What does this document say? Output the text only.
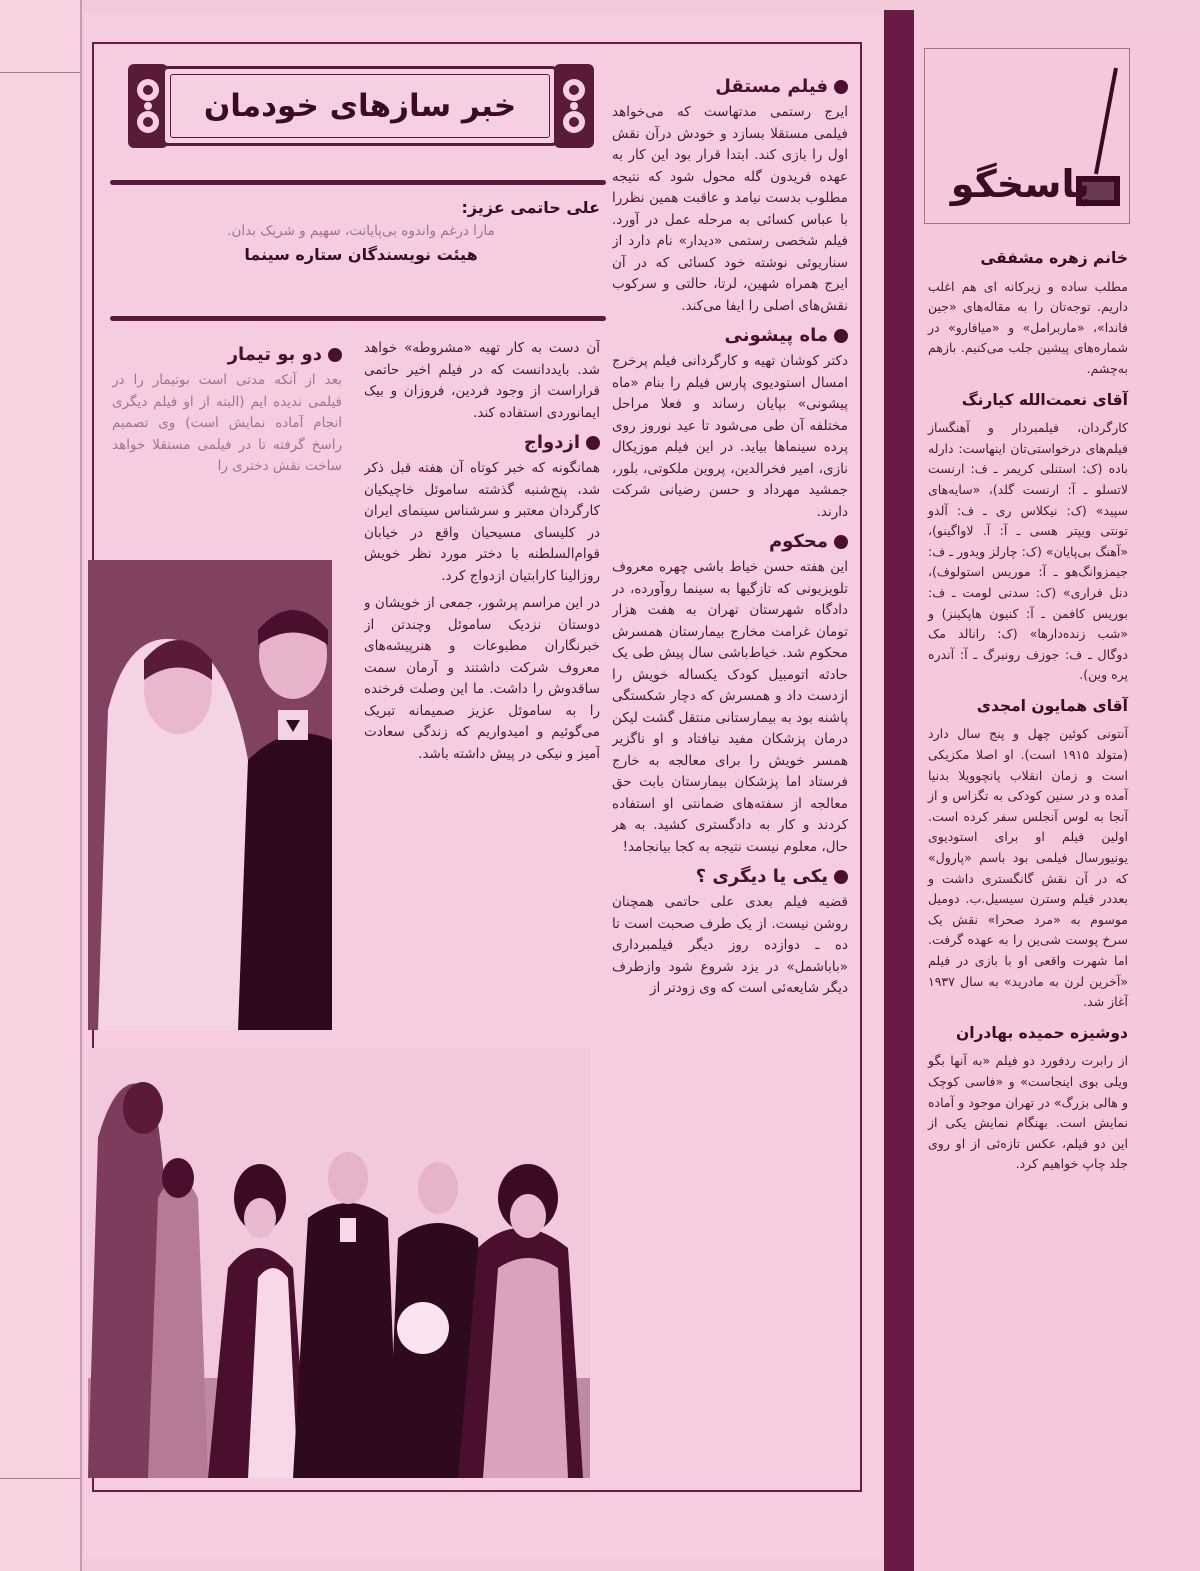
خبر سازهای خودمان
علی حاتمی عزیز:
مارا درغم واندوه بی‌پایانت، سهیم و شریک بدان.
هیئت نویسندگان ستاره سینما
فیلم مستقل

ایرج رستمی مدتهاست که می‌خواهد فیلمی مستقلا بسازد و خودش درآن نقش اول را بازی کند. ابتدا قرار بود این کار به عهده فریدون گله محول شود که نتیجه مطلوب بدست نیامد و عاقبت همین نظررا با عباس کسائی به مرحله عمل در آورد. فیلم شخصی رستمی «دیدار» نام دارد از سناریوئی نوشته خود کسائی که در آن ایرج همراه شهین، لرتا، حالتی و سرکوب نقش‌های اصلی را ایفا می‌کند.

ماه پیشونی

دکتر کوشان تهیه و کارگردانی فیلم پرخرج امسال استودیوی پارس فیلم را بنام «ماه پیشونی» بپایان رساند و فعلا مراحل مختلفه آن طی می‌شود تا عید نوروز روی پرده سینماها بیاید. در این فیلم موزیکال نازی، امیر فخرالدین، پروین ملکوتی، بلور، جمشید مهرداد و حسن رضیانی شرکت دارند.

محکوم

این هفته حسن خیاط باشی چهره معروف تلویزیونی که تازگیها به سینما روآورده، در دادگاه شهرستان تهران به هفت هزار تومان غرامت مخارج بیمارستان همسرش محکوم شد. خیاط‌باشی سال پیش طی یک حادثه اتومبیل کودک یکساله خویش را ازدست داد و همسرش که دچار شکستگی پاشنه بود به بیمارستانی منتقل گشت لیکن درمان پزشکان مفید نیافتاد و او ناگزیر همسر خویش را برای معالجه به خارج فرستاد اما پزشکان بیمارستان بابت حق معالجه از سفته‌های ضمانتی او استفاده کردند و کار به دادگستری کشید. به هر حال، معلوم نیست نتیجه به کجا بیانجامد!

یکی یا دیگری ؟

قضیه فیلم بعدی علی حاتمی همچنان روشن نیست. از یک طرف صحبت است تا ده ـ دوازده روز دیگر فیلمبرداری «باباشمل» در یزد شروع شود وازطرف دیگر شایعه‌ئی است که وی زودتر از

آن دست به کار تهیه «مشروطه» خواهد شد. بایددانست که در فیلم اخیر حاتمی قراراست از وجود فردین، فروزان و بیک ایمانوردی استفاده کند.

ازدواج

همانگونه که خبر کوتاه آن هفته قبل ذکر شد، پنج‌شنبه گذشته ساموئل خاچیکیان کارگردان معتبر و سرشناس سینمای ایران در کلیسای مسیحیان واقع در خیابان قوام‌السلطنه با دختر مورد نظر خویش روزالینا کارابتیان ازدواج کرد.

در این مراسم پرشور، جمعی از خویشان و دوستان نزدیک ساموئل وچندتن از خبرنگاران مطبوعات و هنرپیشه‌های معروف شرکت داشتند و آرمان سمت ساقدوش را داشت. ما این وصلت فرخنده را به ساموئل عزیز صمیمانه تبریک می‌گوئیم و امیدواریم که زندگی سعادت آمیز و نیکی در پیش داشته باشد.

دو بو تیمار

بعد از آنکه مدتی است بوتیمار را در فیلمی ندیده ایم (البته از او فیلم دیگری انجام آماده نمایش است) وی تصمیم راسخ گرفته تا در فیلمی مستقلا خواهد ساخت نقش دختری را

پاسخگو
خانم زهره مشفقی
مطلب ساده و زیرکانه ای هم اغلب داریم. توجه‌تان را به مقاله‌های «جین فاندا»، «ماربرامل» و «میافارو» در شماره‌های پیشین جلب می‌کنیم. بازهم به‌چشم.
آقای نعمت‌الله کیارنگ
کارگردان، فیلمبردار و آهنگساز فیلم‌های درخواستی‌تان اینهاست: دارله باده (ک: استنلی کریمر ـ ف: ارنست لاتسلو ـ آ: ارنست گلد)، «سایه‌های سپید» (ک: نیکلاس ری ـ ف: آلدو تونتی ویپتر هسی ـ آ: آ. لاواگینو)، «آهنگ بی‌پایان» (ک: چارلز ویدور ـ ف: جیمزوانگ‌هو ـ آ: موریس استولوف)، دنل فراری» (ک: سدنی لومت ـ ف: بوریس کافمن ـ آ: کنیون هاپکینز) و «شب زنده‌دارها» (ک: رانالد مک دوگال ـ ف: جوزف رونبرگ ـ آ: آندره پره وین).
آقای همایون امجدی
آنتونی کوئین چهل و پنج سال دارد (متولد ۱۹۱۵ است). او اصلا مکزیکی است و زمان انقلاب پانچوویلا بدنیا آمده و در سنین کودکی به تگزاس و از آنجا به لوس آنجلس سفر کرده است. اولین فیلم او برای استودیوی یونیورسال فیلمی بود باسم «پارول» که در آن نقش گانگستری داشت و بعددر فیلم وسترن سیسیل.ب. دومیل موسوم به «مرد صحرا» نقش یک سرخ پوست شی‌ین را به عهده گرفت. اما شهرت واقعی او با بازی در فیلم «آخرین لرن به مادرید» به سال ۱۹۳۷ آغاز شد.
دوشیزه حمیده بهادران
از رابرت ردفورد دو فیلم «به آنها بگو ویلی بوی اینجاست» و «فاسی کوچک و هالی بزرگ» در تهران موجود و آماده نمایش است. بهنگام نمایش یکی از این دو فیلم، عکس تازه‌ئی از او روی جلد چاپ خواهیم کرد.
